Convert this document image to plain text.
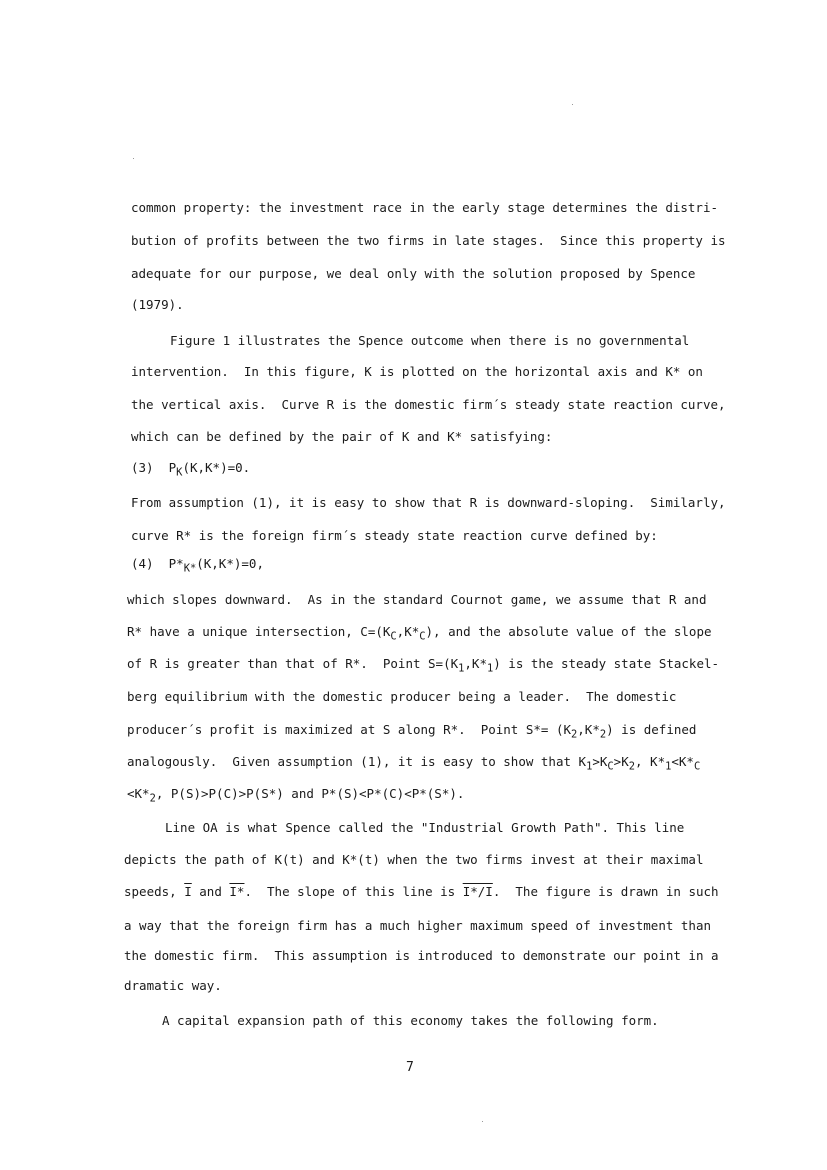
common property: the investment race in the early stage determines the distri-
bution of profits between the two firms in late stages.  Since this property is
adequate for our purpose, we deal only with the solution proposed by Spence
(1979).
Figure 1 illustrates the Spence outcome when there is no governmental
intervention.  In this figure, K is plotted on the horizontal axis and K* on
the vertical axis.  Curve R is the domestic firm´s steady state reaction curve,
which can be defined by the pair of K and K* satisfying:
(3) $P_K(K,K*)=0$.
From assumption (1), it is easy to show that R is downward-sloping.  Similarly,
curve R* is the foreign firm´s steady state reaction curve defined by:
(4) $P*_{K*}(K,K*)=0$,
which slopes downward.  As in the standard Cournot game, we assume that R and
R* have a unique intersection, $C=(K_C,K*_C)$, and the absolute value of the slope
of R is greater than that of R*.  Point $S=(K_1,K*_1)$ is the steady state Stackel-
berg equilibrium with the domestic producer being a leader.  The domestic
producer´s profit is maximized at S along R*.  Point $S*= (K_2,K*_2)$ is defined
analogously.  Given assumption (1), it is easy to show that $K_1>K_C>K_2$, $K*_1<K*_C$
$<K*_2$, P(S)>P(C)>P(S*) and P*(S)<P*(C)<P*(S*).
Line OA is what Spence called the "Industrial Growth Path". This line
depicts the path of K(t) and K*(t) when the two firms invest at their maximal
speeds, $\overline{I}$ and I*.  The slope of this line is I*/I.  The figure is drawn in such
a way that the foreign firm has a much higher maximum speed of investment than
the domestic firm.  This assumption is introduced to demonstrate our point in a
dramatic way.
A capital expansion path of this economy takes the following form.
7
